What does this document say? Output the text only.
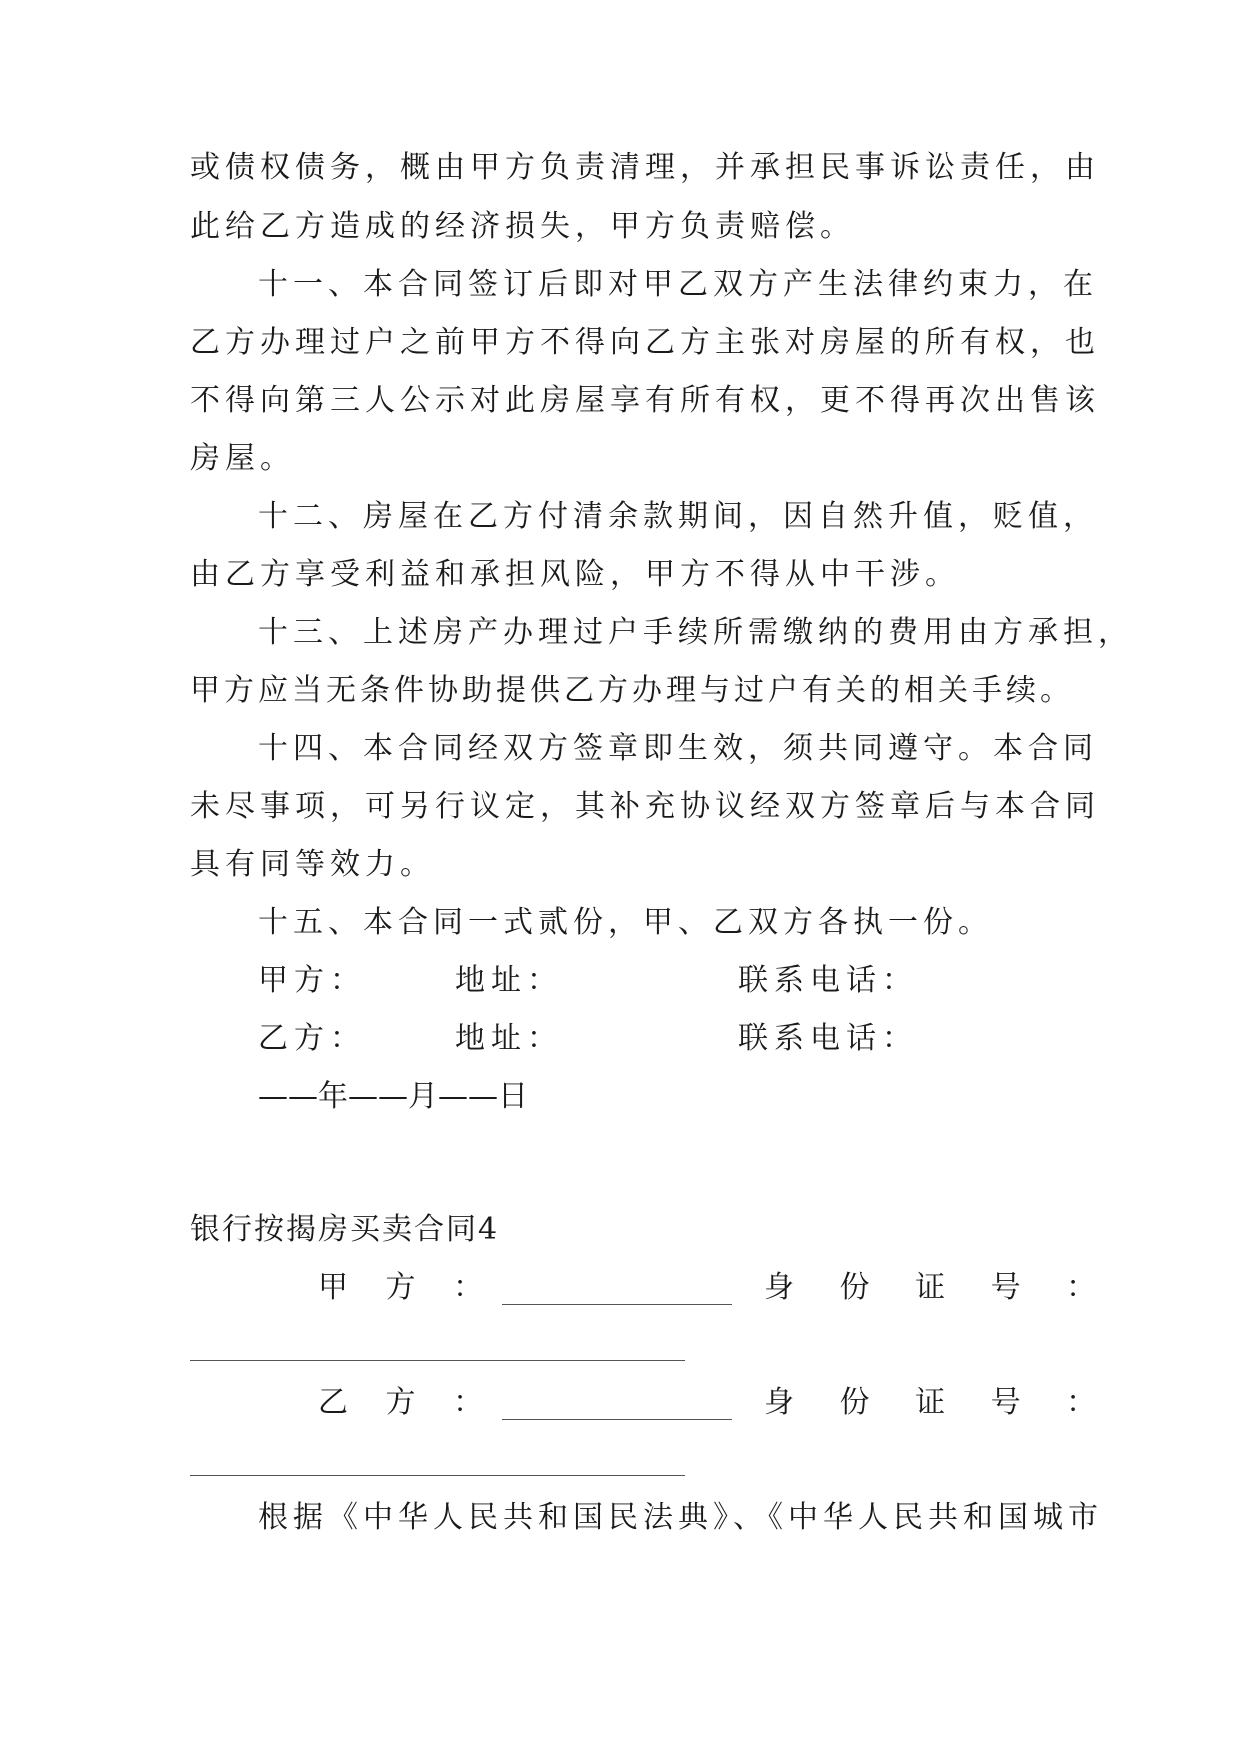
或债权债务，概由甲方负责清理，并承担民事诉讼责任，由
此给乙方造成的经济损失，甲方负责赔偿。
十一、本合同签订后即对甲乙双方产生法律约束力，在
乙方办理过户之前甲方不得向乙方主张对房屋的所有权，也
不得向第三人公示对此房屋享有所有权，更不得再次出售该
房屋。
十二、房屋在乙方付清余款期间，因自然升值，贬值，
由乙方享受利益和承担风险，甲方不得从中干涉。
十三、上述房产办理过户手续所需缴纳的费用由方承担，
甲方应当无条件协助提供乙方办理与过户有关的相关手续。
十四、本合同经双方签章即生效，须共同遵守。本合同
未尽事项，可另行议定，其补充协议经双方签章后与本合同
具有同等效力。
十五、本合同一式贰份，甲、乙双方各执一份。
甲方：	地址：	联系电话：
乙方：	地址：	联系电话：
——年——月——日
银行按揭房买卖合同4
甲 方 ：	身 份 证 号 ：
乙 方 ：	身 份 证 号 ：
根据《中华人民共和国民法典》、《中华人民共和国城市
